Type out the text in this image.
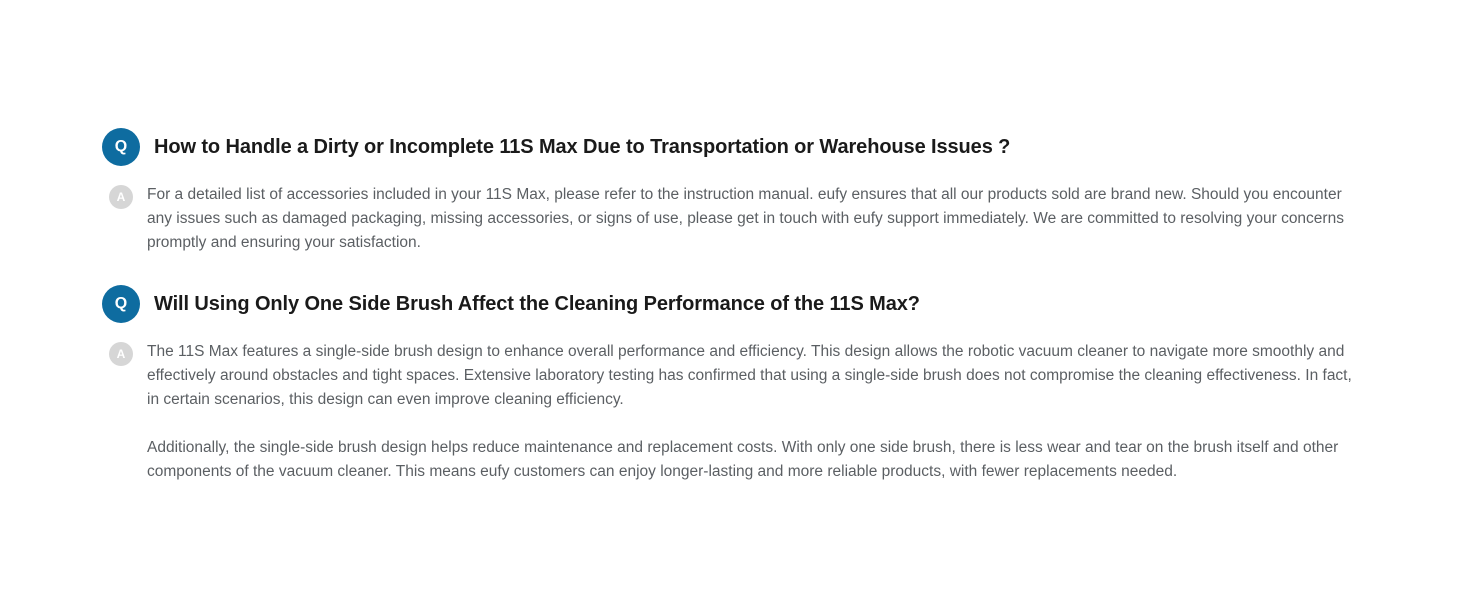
Q	How to Handle a Dirty or Incomplete 11S Max Due to Transportation or Warehouse Issues ?
A	For a detailed list of accessories included in your 11S Max, please refer to the instruction manual. eufy ensures that all our products sold are brand new. Should you encounter any issues such as damaged packaging, missing accessories, or signs of use, please get in touch with eufy support immediately. We are committed to resolving your concerns promptly and ensuring your satisfaction.

Q	Will Using Only One Side Brush Affect the Cleaning Performance of the 11S Max?
A	The 11S Max features a single-side brush design to enhance overall performance and efficiency. This design allows the robotic vacuum cleaner to navigate more smoothly and effectively around obstacles and tight spaces. Extensive laboratory testing has confirmed that using a single-side brush does not compromise the cleaning effectiveness. In fact, in certain scenarios, this design can even improve cleaning efficiency.

Additionally, the single-side brush design helps reduce maintenance and replacement costs. With only one side brush, there is less wear and tear on the brush itself and other components of the vacuum cleaner. This means eufy customers can enjoy longer-lasting and more reliable products, with fewer replacements needed.
